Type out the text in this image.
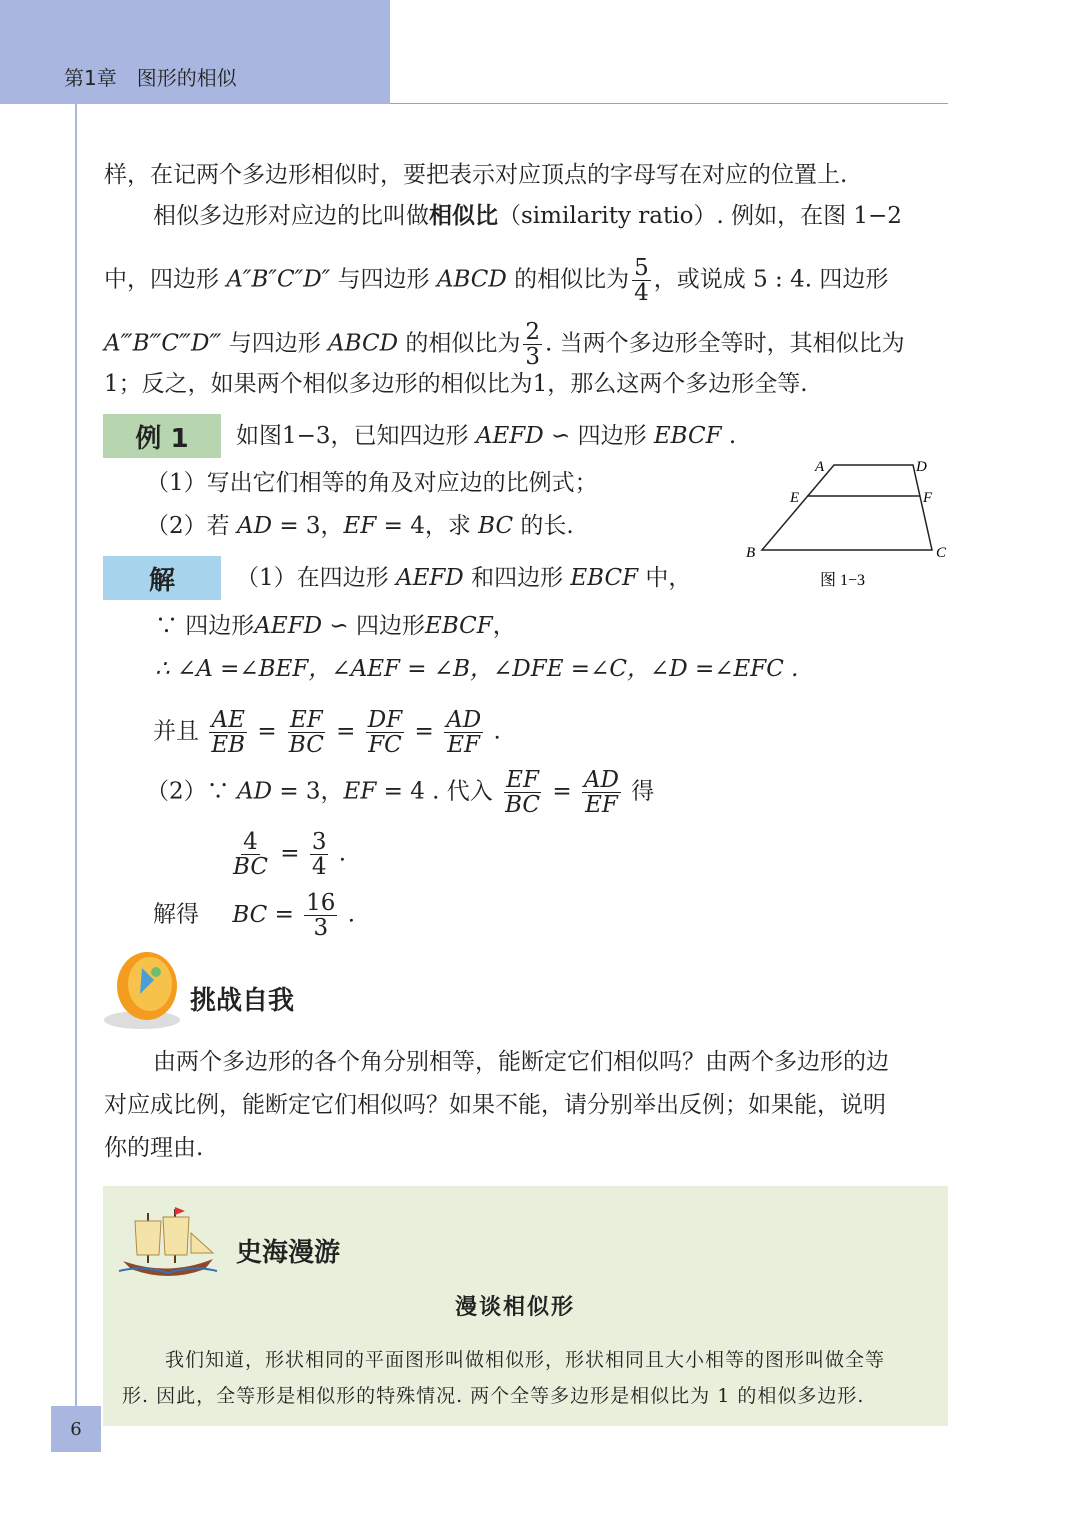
第1章　图形的相似
样，在记两个多边形相似时，要把表示对应顶点的字母写在对应的位置上.
相似多边形对应边的比叫做相似比（similarity ratio）. 例如，在图 1−2
中，四边形 A″B″C″D″ 与四边形 ABCD 的相似比为 $\frac{5}{4}$ ，或说成 5 : 4. 四边形
A‴B‴C‴D‴ 与四边形 ABCD 的相似比为 $\frac{2}{3}$ . 当两个多边形全等时，其相似比为
1；反之，如果两个相似多边形的相似比为1，那么这两个多边形全等.
例 1	如图1−3，已知四边形 AEFD ∽ 四边形 EBCF .
（1）写出它们相等的角及对应边的比例式；
（2）若 AD = 3，EF = 4，求 BC 的长.
A	D
E	F
B	C
图 1−3
解	（1）在四边形 AEFD 和四边形 EBCF 中，
∵ 四边形AEFD ∽ 四边形EBCF，
∴ ∠A =∠BEF，∠AEF = ∠B，∠DFE =∠C，∠D =∠EFC .
并且 $\frac{AE}{EB} = \frac{EF}{BC} = \frac{DF}{FC} = \frac{AD}{EF}$ .
（2）∵ AD = 3，EF = 4 . 代入 $\frac{EF}{BC} = \frac{AD}{EF}$ 得
$\frac{4}{BC} = \frac{3}{4}$ .
解得 BC = $\frac{16}{3}$ .
挑战自我
由两个多边形的各个角分别相等，能断定它们相似吗？由两个多边形的边
对应成比例，能断定它们相似吗？如果不能，请分别举出反例；如果能，说明
你的理由.
史海漫游
漫谈相似形
我们知道，形状相同的平面图形叫做相似形，形状相同且大小相等的图形叫做全等
形. 因此，全等形是相似形的特殊情况. 两个全等多边形是相似比为 1 的相似多边形.
6
